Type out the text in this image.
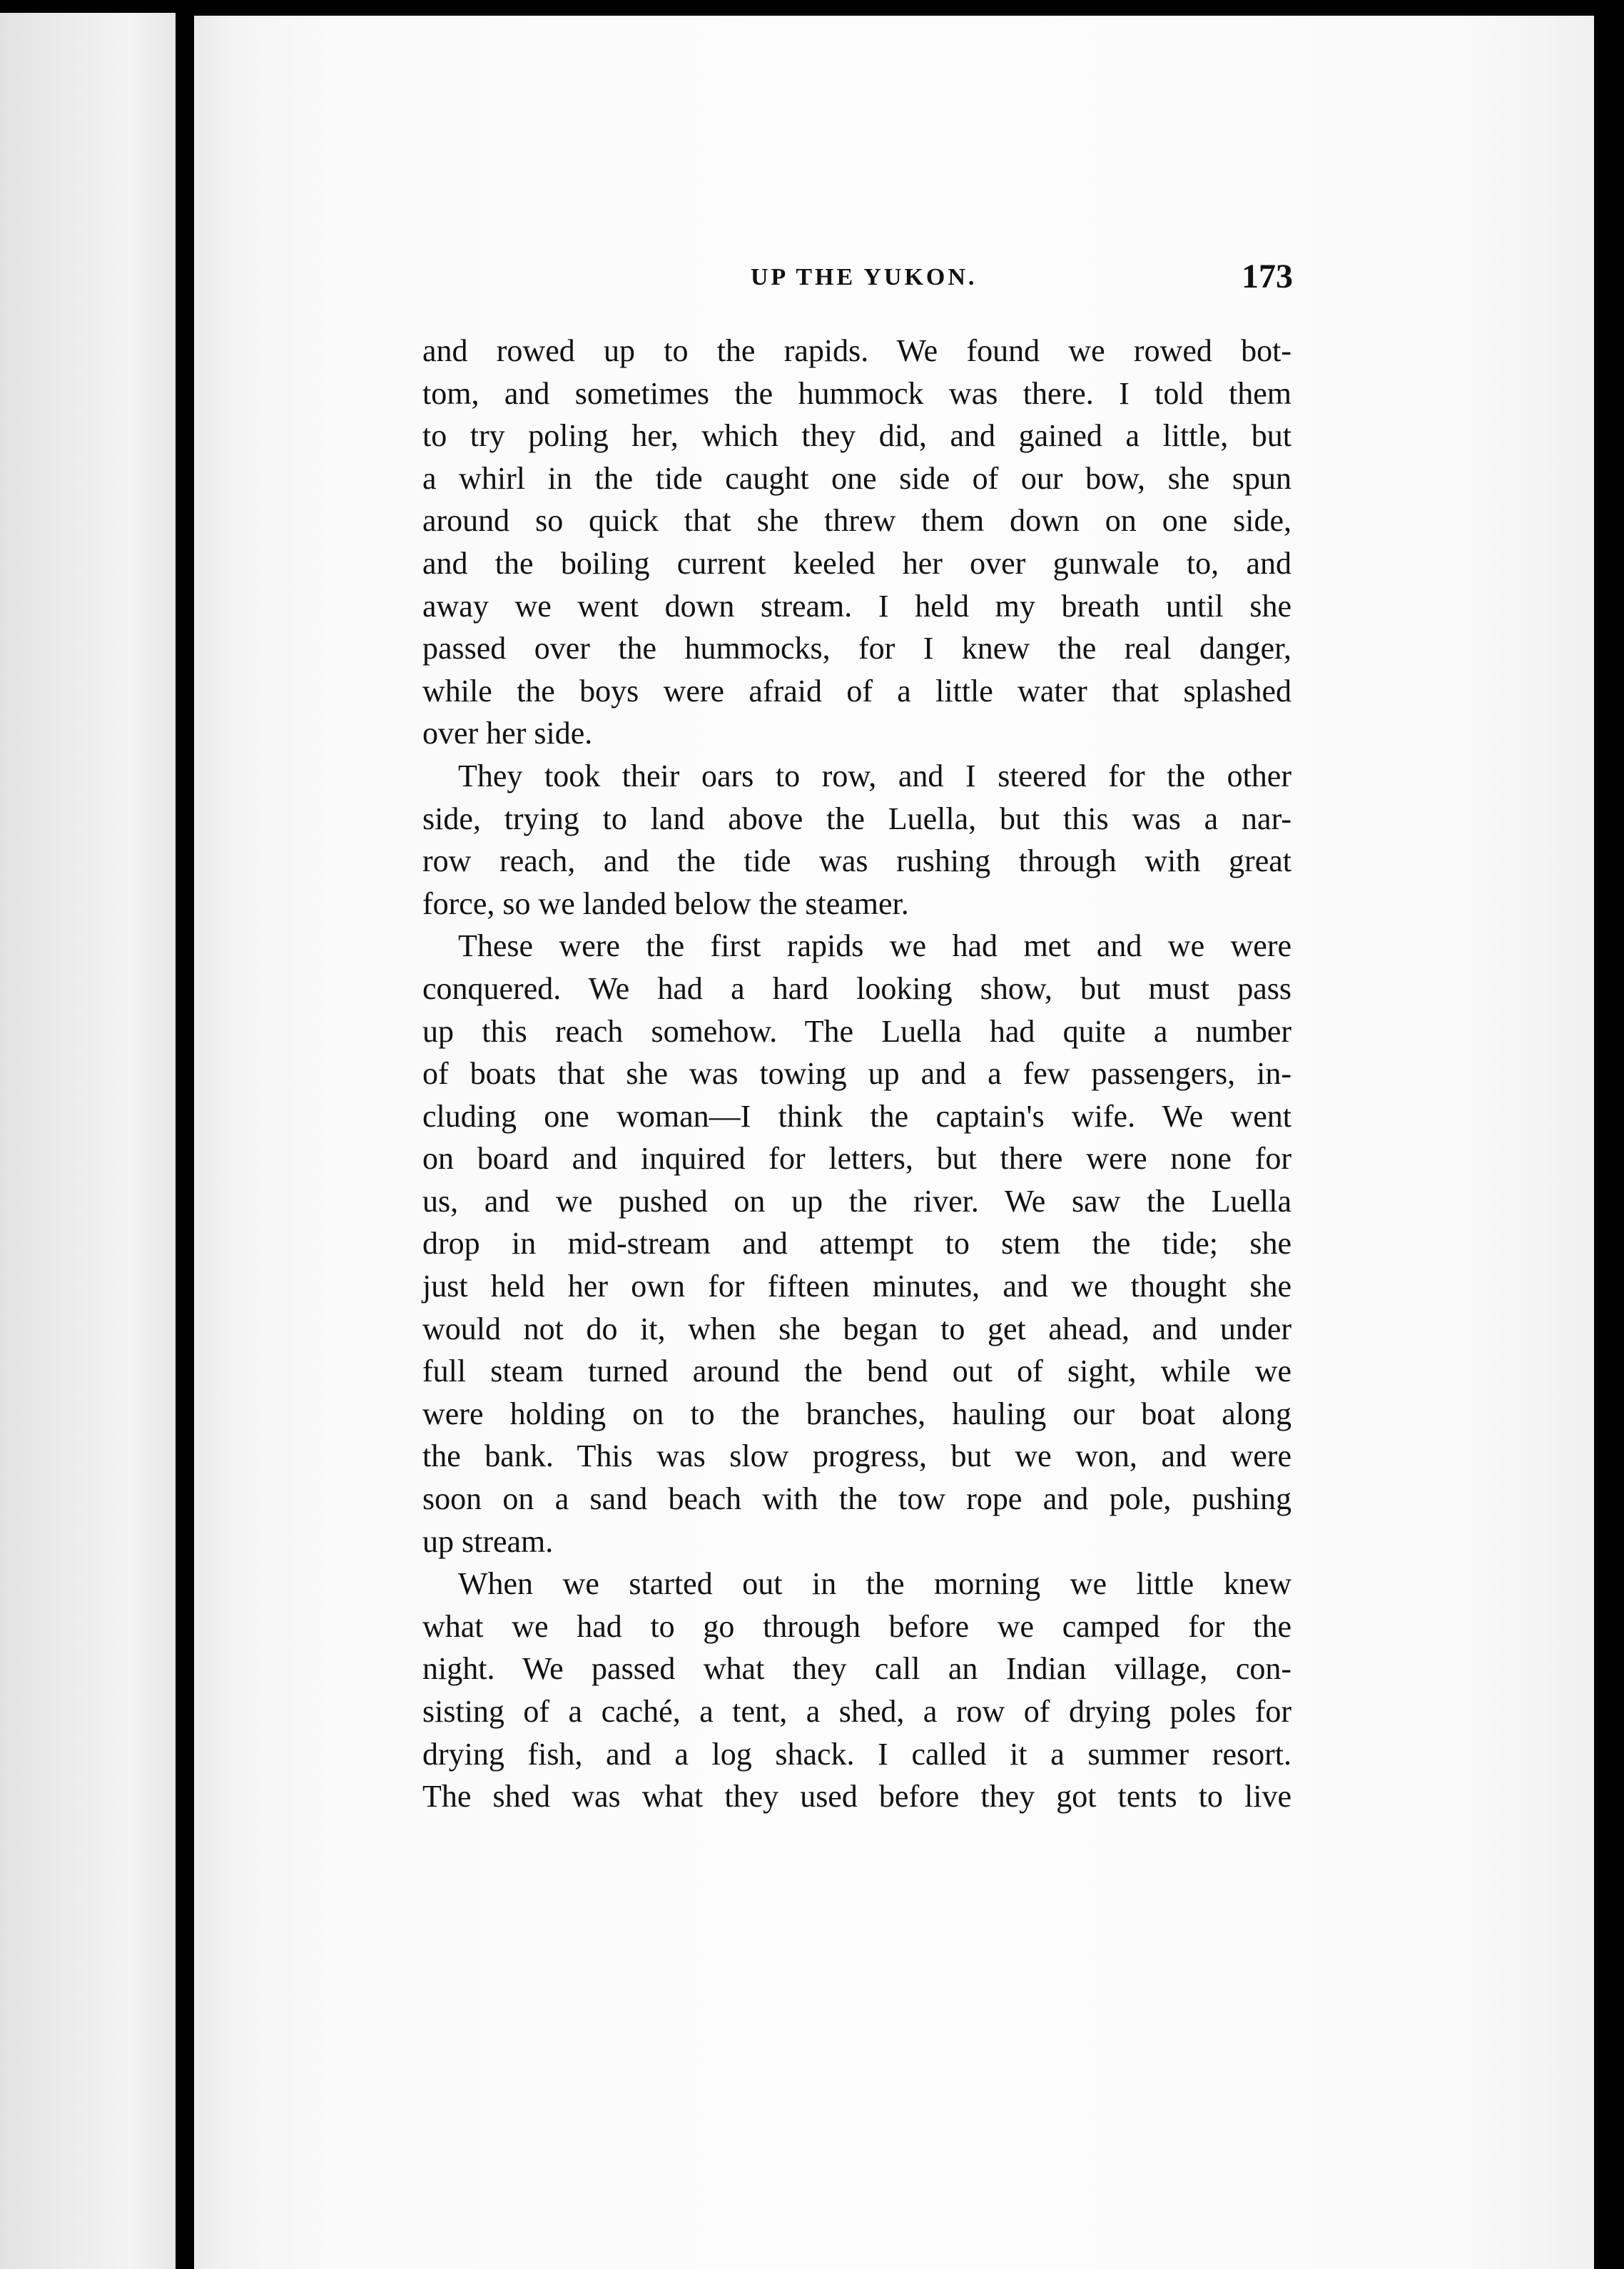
UP THE YUKON.	173
and rowed up to the rapids. We found we rowed bot-
tom, and sometimes the hummock was there. I told them
to try poling her, which they did, and gained a little, but
a whirl in the tide caught one side of our bow, she spun
around so quick that she threw them down on one side,
and the boiling current keeled her over gunwale to, and
away we went down stream. I held my breath until she
passed over the hummocks, for I knew the real danger,
while the boys were afraid of a little water that splashed
over her side.
They took their oars to row, and I steered for the other
side, trying to land above the Luella, but this was a nar-
row reach, and the tide was rushing through with great
force, so we landed below the steamer.
These were the first rapids we had met and we were
conquered. We had a hard looking show, but must pass
up this reach somehow. The Luella had quite a number
of boats that she was towing up and a few passengers, in-
cluding one woman—I think the captain's wife. We went
on board and inquired for letters, but there were none for
us, and we pushed on up the river. We saw the Luella
drop in mid-stream and attempt to stem the tide; she
just held her own for fifteen minutes, and we thought she
would not do it, when she began to get ahead, and under
full steam turned around the bend out of sight, while we
were holding on to the branches, hauling our boat along
the bank. This was slow progress, but we won, and were
soon on a sand beach with the tow rope and pole, pushing
up stream.
When we started out in the morning we little knew
what we had to go through before we camped for the
night. We passed what they call an Indian village, con-
sisting of a caché, a tent, a shed, a row of drying poles for
drying fish, and a log shack. I called it a summer resort.
The shed was what they used before they got tents to live
